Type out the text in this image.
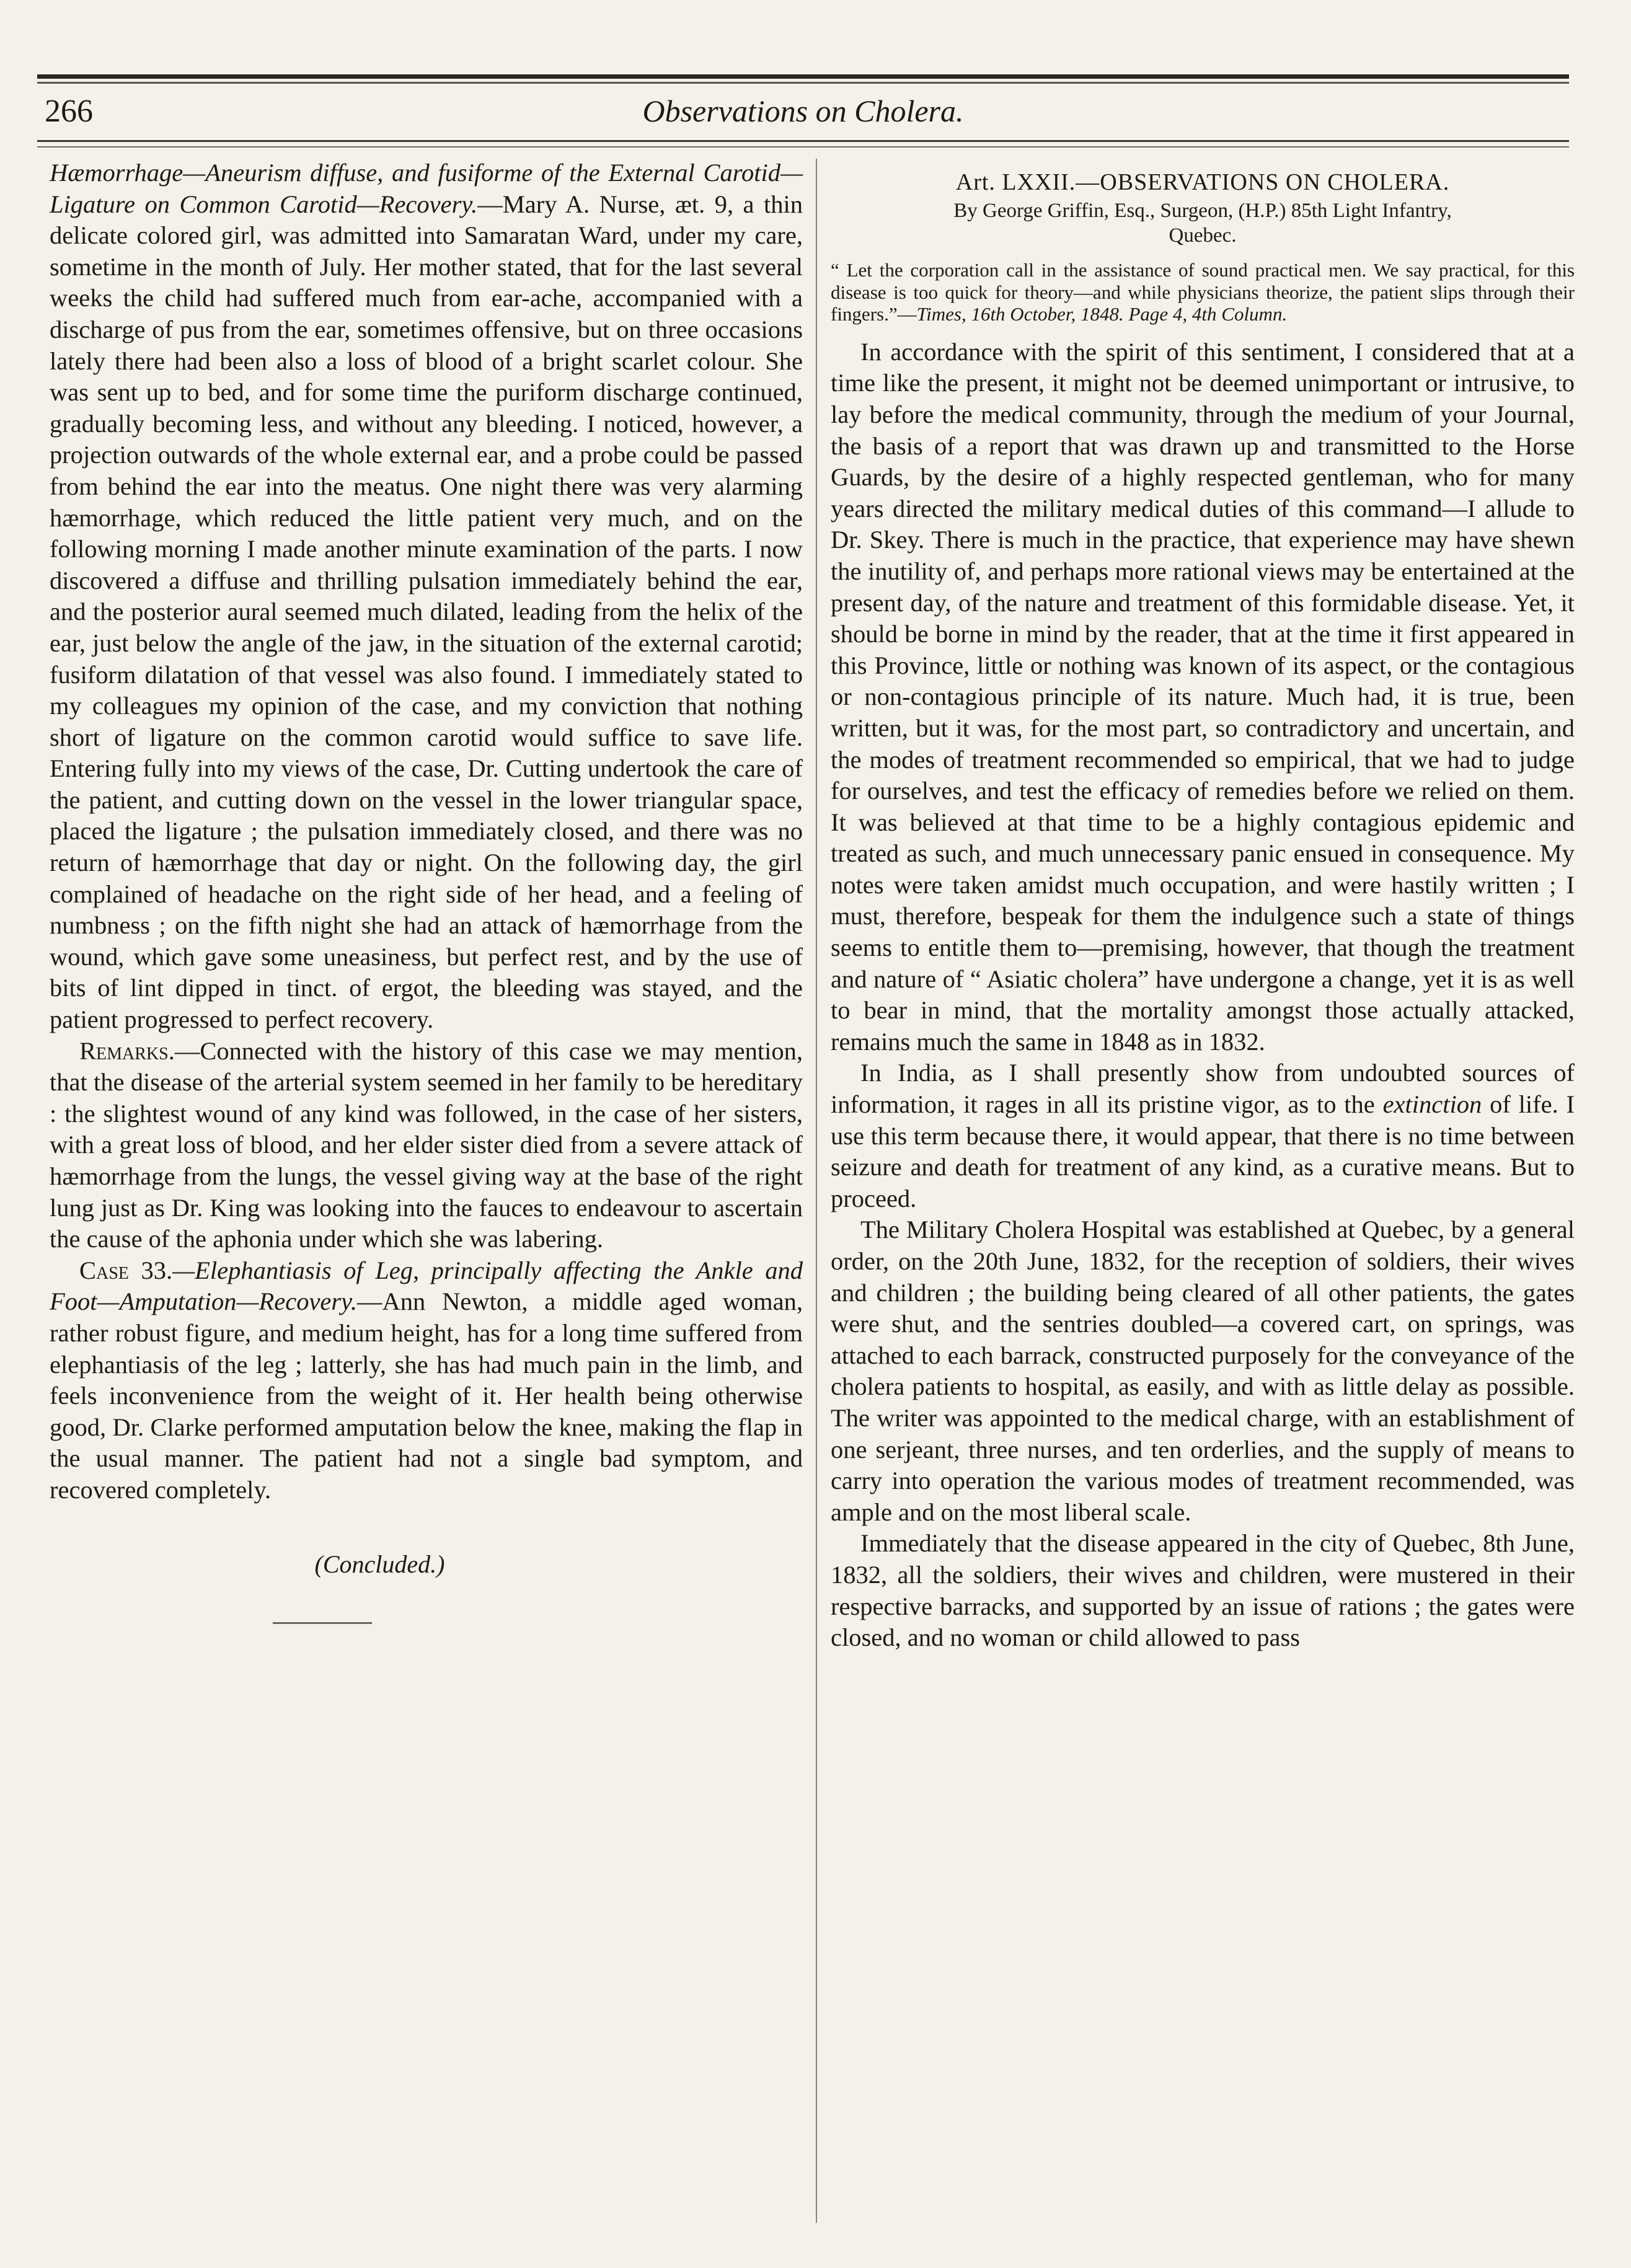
266	Observations on Cholera.

Hæmorrhage—Aneurism diffuse, and fusiforme of the External Carotid—Ligature on Common Carotid—Recovery.—Mary A. Nurse, æt. 9, a thin delicate colored girl, was admitted into Samaratan Ward, under my care, sometime in the month of July. Her mother stated, that for the last several weeks the child had suffered much from ear-ache, accompanied with a discharge of pus from the ear, sometimes offensive, but on three occasions lately there had been also a loss of blood of a bright scarlet colour. She was sent up to bed, and for some time the puriform discharge continued, gradually becoming less, and without any bleeding. I noticed, however, a projection outwards of the whole external ear, and a probe could be passed from behind the ear into the meatus. One night there was very alarming hæmorrhage, which reduced the little patient very much, and on the following morning I made another minute examination of the parts. I now discovered a diffuse and thrilling pulsation immediately behind the ear, and the posterior aural seemed much dilated, leading from the helix of the ear, just below the angle of the jaw, in the situation of the external carotid; fusiform dilatation of that vessel was also found. I immediately stated to my colleagues my opinion of the case, and my conviction that nothing short of ligature on the common carotid would suffice to save life. Entering fully into my views of the case, Dr. Cutting undertook the care of the patient, and cutting down on the vessel in the lower triangular space, placed the ligature ; the pulsation immediately closed, and there was no return of hæmorrhage that day or night. On the following day, the girl complained of headache on the right side of her head, and a feeling of numbness ; on the fifth night she had an attack of hæmorrhage from the wound, which gave some uneasiness, but perfect rest, and by the use of bits of lint dipped in tinct. of ergot, the bleeding was stayed, and the patient progressed to perfect recovery.

Remarks.—Connected with the history of this case we may mention, that the disease of the arterial system seemed in her family to be hereditary : the slightest wound of any kind was followed, in the case of her sisters, with a great loss of blood, and her elder sister died from a severe attack of hæmorrhage from the lungs, the vessel giving way at the base of the right lung just as Dr. King was looking into the fauces to endeavour to ascertain the cause of the aphonia under which she was labering.

Case 33.—Elephantiasis of Leg, principally affecting the Ankle and Foot—Amputation—Recovery.—Ann Newton, a middle aged woman, rather robust figure, and medium height, has for a long time suffered from elephantiasis of the leg ; latterly, she has had much pain in the limb, and feels inconvenience from the weight of it. Her health being otherwise good, Dr. Clarke performed amputation below the knee, making the flap in the usual manner. The patient had not a single bad symptom, and recovered completely.

(Concluded.)
Art. LXXII.—OBSERVATIONS ON CHOLERA.

By George Griffin, Esq., Surgeon, (H.P.) 85th Light Infantry,

Quebec.

“ Let the corporation call in the assistance of sound practical men. We say practical, for this disease is too quick for theory—and while physicians theorize, the patient slips through their fingers.”—Times, 16th October, 1848. Page 4, 4th Column.

In accordance with the spirit of this sentiment, I considered that at a time like the present, it might not be deemed unimportant or intrusive, to lay before the medical community, through the medium of your Journal, the basis of a report that was drawn up and transmitted to the Horse Guards, by the desire of a highly respected gentleman, who for many years directed the military medical duties of this command—I allude to Dr. Skey. There is much in the practice, that experience may have shewn the inutility of, and perhaps more rational views may be entertained at the present day, of the nature and treatment of this formidable disease. Yet, it should be borne in mind by the reader, that at the time it first appeared in this Province, little or nothing was known of its aspect, or the contagious or non-contagious principle of its nature. Much had, it is true, been written, but it was, for the most part, so contradictory and uncertain, and the modes of treatment recommended so empirical, that we had to judge for ourselves, and test the efficacy of remedies before we relied on them. It was believed at that time to be a highly contagious epidemic and treated as such, and much unnecessary panic ensued in consequence. My notes were taken amidst much occupation, and were hastily written ; I must, therefore, bespeak for them the indulgence such a state of things seems to entitle them to—premising, however, that though the treatment and nature of “ Asiatic cholera” have undergone a change, yet it is as well to bear in mind, that the mortality amongst those actually attacked, remains much the same in 1848 as in 1832.

In India, as I shall presently show from undoubted sources of information, it rages in all its pristine vigor, as to the extinction of life. I use this term because there, it would appear, that there is no time between seizure and death for treatment of any kind, as a curative means. But to proceed.

The Military Cholera Hospital was established at Quebec, by a general order, on the 20th June, 1832, for the reception of soldiers, their wives and children ; the building being cleared of all other patients, the gates were shut, and the sentries doubled—a covered cart, on springs, was attached to each barrack, constructed purposely for the conveyance of the cholera patients to hospital, as easily, and with as little delay as possible. The writer was appointed to the medical charge, with an establishment of one serjeant, three nurses, and ten orderlies, and the supply of means to carry into operation the various modes of treatment recommended, was ample and on the most liberal scale.

Immediately that the disease appeared in the city of Quebec, 8th June, 1832, all the soldiers, their wives and children, were mustered in their respective barracks, and supported by an issue of rations ; the gates were closed, and no woman or child allowed to pass
